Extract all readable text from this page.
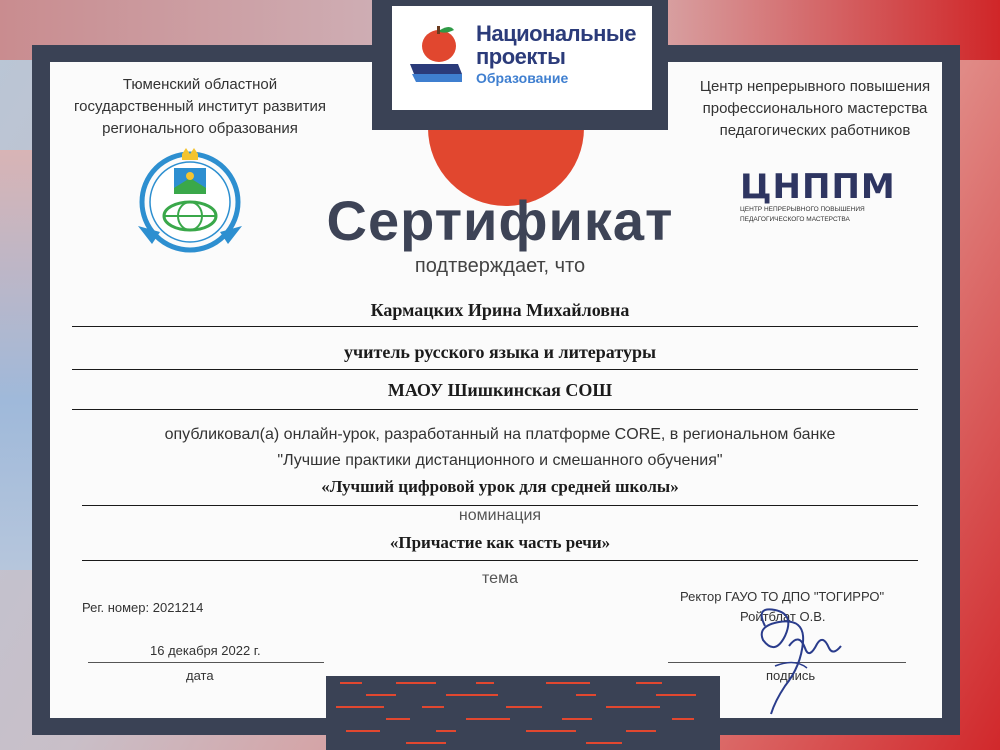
Национальные
проекты
Образование
Тюменский областной
государственный институт развития
регионального образования
Центр непрерывного повышения
профессионального мастерства
педагогических работников
ЦНППМ
ЦЕНТР НЕПРЕРЫВНОГО ПОВЫШЕНИЯ
ПЕДАГОГИЧЕСКОГО МАСТЕРСТВА
Сертификат
подтверждает, что
Кармацких Ирина Михайловна
учитель русского языка и литературы
МАОУ Шишкинская СОШ
опубликовал(а) онлайн-урок, разработанный на платформе CORE, в региональном банке
"Лучшие практики дистанционного и смешанного обучения"
«Лучший цифровой урок для средней школы»
номинация
«Причастие как часть речи»
тема
Рег. номер: 2021214
16 декабря 2022 г.
дата
Ректор ГАУО ТО ДПО "ТОГИРРО"
Ройтблат О.В.
подпись
